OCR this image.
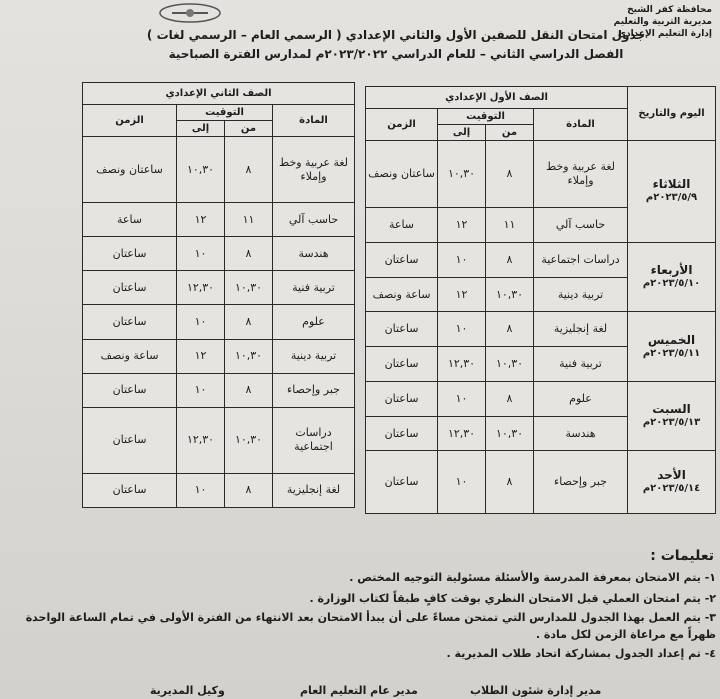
محافظة كفر الشيخ
مديرية التربية والتعليم
إدارة التعليم الإعدادي
جدول امتحان النقل للصفين الأول والثاني الإعدادي ( الرسمي العام – الرسمي لغات )
الفصل الدراسي الثاني – للعام الدراسي ٢٠٢٣/٢٠٢٢م لمدارس الفترة الصباحية
اليوم والتاريخ	الصف الأول الإعدادي			
	المادة	التوقيت		الزمن
		من	إلى	

الثلاثاء
٢٠٢٣/٥/٩م	لغة عربية وخط وإملاء	٨	١٠,٣٠	ساعتان ونصف
	حاسب آلي	١١	١٢	ساعة

الأربعاء
٢٠٢٣/٥/١٠م	دراسات اجتماعية	٨	١٠	ساعتان
	تربية دينية	١٠,٣٠	١٢	ساعة ونصف

الخميس
٢٠٢٣/٥/١١م	لغة إنجليزية	٨	١٠	ساعتان
	تربية فنية	١٠,٣٠	١٢,٣٠	ساعتان

السبت
٢٠٢٣/٥/١٣م	علوم	٨	١٠	ساعتان
	هندسة	١٠,٣٠	١٢,٣٠	ساعتان

الأحد
٢٠٢٣/٥/١٤م	جبر وإحصاء	٨	١٠	ساعتان
الصف الثاني الإعدادي			
المادة	التوقيت		الزمن
	من	إلى	
لغة عربية وخط وإملاء	٨	١٠,٣٠	ساعتان ونصف
حاسب آلي	١١	١٢	ساعة
هندسة	٨	١٠	ساعتان
تربية فنية	١٠,٣٠	١٢,٣٠	ساعتان
علوم	٨	١٠	ساعتان
تربية دينية	١٠,٣٠	١٢	ساعة ونصف
جبر وإحصاء	٨	١٠	ساعتان
دراسات اجتماعية	١٠,٣٠	١٢,٣٠	ساعتان
لغة إنجليزية	٨	١٠	ساعتان
تعليمات :

١- يتم الامتحان بمعرفة المدرسة والأسئلة مسئولية التوجيه المختص .

٢- يتم امتحان العملي قبل الامتحان النظري بوقت كافٍ طبقاً لكتاب الوزارة .

٣- يتم العمل بهذا الجدول للمدارس التي تمتحن مساءً على أن يبدأ الامتحان بعد الانتهاء من الفترة الأولى في تمام الساعة الواحدة ظهراً مع مراعاة الزمن لكل مادة .

٤- تم إعداد الجدول بمشاركة اتحاد طلاب المديرية .

وكيل المديرية	مدير عام التعليم العام	مدير إدارة شئون الطلاب
